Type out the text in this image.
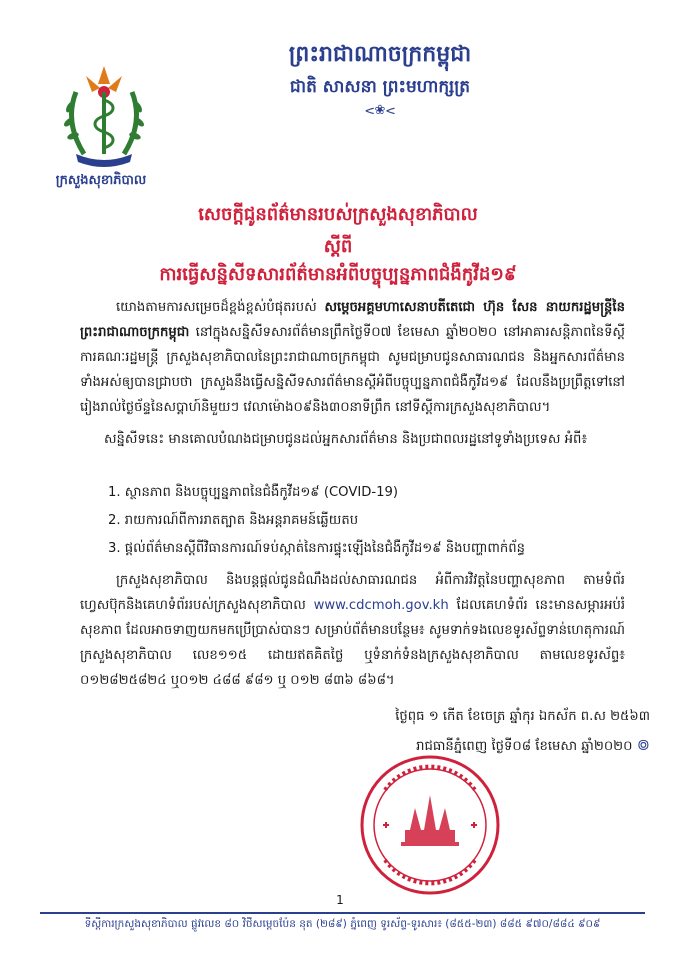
ព្រះរាជាណាចក្រកម្ពុជា
ជាតិ សាសនា ព្រះមហាក្សត្រ
ᯝ❀ᯝ
ក្រសួងសុខាភិបាល
សេចក្តីជូនព័ត៌មានរបស់ក្រសួងសុខាភិបាល
ស្តីពី
ការធ្វើសន្និសីទសារព័ត៌មានអំពីបច្ចុប្បន្នភាពជំងឺកូវីដ១៩
យោងតាមការសម្រេចដ៏ខ្ពង់ខ្ពស់បំផុតរបស់ សម្តេចអគ្គមហាសេនាបតីតេជោ ហ៊ុន សែន នាយករដ្ឋមន្ត្រីនៃព្រះរាជាណាចក្រកម្ពុជា នៅក្នុងសន្និសីទសារព័ត៌មានព្រឹកថ្ងៃទី០៧ ខែមេសា ឆ្នាំ២០២០ នៅអាគារសន្តិភាពនៃទីស្តីការគណៈរដ្ឋមន្ត្រី ក្រសួងសុខាភិបាលនៃព្រះរាជាណាចក្រកម្ពុជា សូមជម្រាបជូនសាធារណជន និងអ្នកសារព័ត៌មានទាំងអស់ឲ្យបានជ្រាបថា ក្រសួងនឹងធ្វើសន្និសីទសារព័ត៌មានស្តីអំពីបច្ចុប្បន្នភាពជំងឺកូវីដ១៩ ដែលនឹងប្រព្រឹត្តទៅនៅរៀងរាល់ថ្ងៃច័ន្ទនៃសប្តាហ៍និមួយៗ វេលាម៉ោង០៩និង៣០នាទីព្រឹក នៅទីស្តីការក្រសួងសុខាភិបាល។
សន្និសីទនេះ មានគោលបំណងជម្រាបជូនដល់អ្នកសារព័ត៌មាន និងប្រជាពលរដ្ឋនៅទូទាំងប្រទេស អំពី៖
1. ស្ថានភាព និងបច្ចុប្បន្នភាពនៃជំងឺកូវីដ១៩ (COVID-19)
2. រាយការណ៍ពីការរាតត្បាត និងអន្តរាគមន៍ឆ្លើយតប
3. ផ្តល់ព័ត៌មានស្តីពីវិធានការណ៍ទប់ស្កាត់នៃការផ្ទុះឡើងនៃជំងឺកូវីដ១៩ និងបញ្ហាពាក់ព័ន្ធ
ក្រសួងសុខាភិបាល និងបន្តផ្តល់ជូនដំណឹងដល់សាធារណជន អំពីការវិវត្តនៃបញ្ហាសុខភាព តាមទំព័រហ្វេសប៊ុកនិងគេហទំព័ររបស់ក្រសួងសុខាភិបាល www.cdcmoh.gov.kh ដែលគេហទំព័រ នេះមានសម្ភារអប់រំសុខភាព ដែលអាចទាញយកមកប្រើប្រាស់បានៗ សម្រាប់ព័ត៌មានបន្ថែម៖ សូមទាក់ទងលេខទូរស័ព្ទទាន់ហេតុការណ៍ ក្រសួងសុខាភិបាល លេខ១១៥ ដោយឥតគិតថ្លៃ ឬទំនាក់ទំនងក្រសួងសុខាភិបាល តាមលេខទូរស័ព្ទ៖ ០១២៨២៥៨២៤ ឬ០១២ ៤៨៨ ៩៨១ ឬ ០១២ ៨៣៦ ៨៦៨។
ថ្ងៃពុធ ១ កើត ខែចេត្រ ឆ្នាំកុរ ឯកស័ក ព.ស ២៥៦៣
រាជធានីភ្នំពេញ ថ្ងៃទី០៨ ខែមេសា ឆ្នាំ២០២០ ៙
1
ទីស្តីការក្រសួងសុខាភិបាល ផ្លូវលេខ ៨០ វិថីសម្តេចប៉ែន នុត (២៨៩) ភ្នំពេញ ទូរស័ព្ទ-ទូរសារ៖ (៨៥៥-២៣) ៨៨៥ ៩៧០/៨៨៤ ៩០៩
